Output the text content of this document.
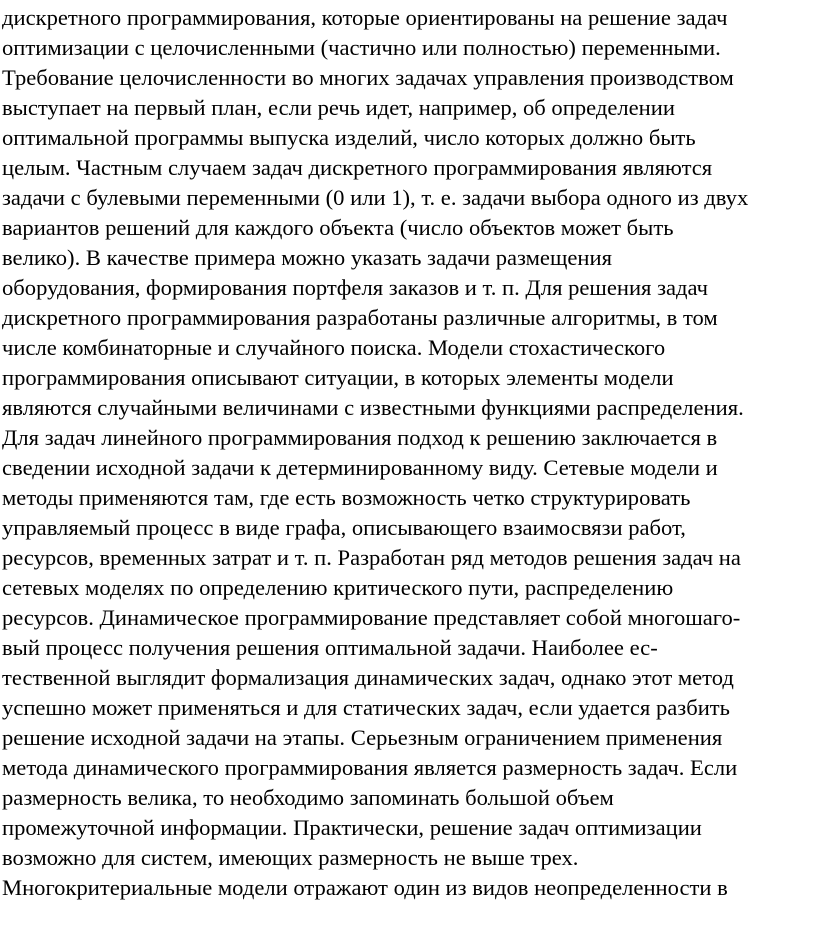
дискретного программирования, которые ориентированы на решение задач

оптимизации с целочисленными (частично или полностью) переменными.

Требование целочисленности во многих задачах управления производством

выступает на первый план, если речь идет, например, об определении

оптимальной программы выпуска изделий, число которых должно быть

целым. Частным случаем задач дискретного программирования являются

задачи с булевыми переменными (0 или 1), т. е. задачи выбора одного из двух

вариантов решений для каждого объекта (число объектов может быть

велико). В качестве примера можно указать задачи размещения

оборудования, формирования портфеля заказов и т. п. Для решения задач

дискретного программирования разработаны различные алгоритмы, в том

числе комбинаторные и случайного поиска. Модели стохастического

программирования описывают ситуации, в которых элементы модели

являются случайными величинами с известными функциями распределения.

Для задач линейного программирования подход к решению заключается в

сведении исходной задачи к детерминированному виду. Сетевые модели и

методы применяются там, где есть возможность четко структурировать

управляемый процесс в виде графа, описывающего взаимосвязи работ,

ресурсов, временных затрат и т. п. Разработан ряд методов решения задач на

сетевых моделях по определению критического пути, распределению

ресурсов. Динамическое программирование представляет собой многошаго-

вый процесс получения решения оптимальной задачи. Наиболее ес-

тественной выглядит формализация динамических задач, однако этот метод

успешно может применяться и для статических задач, если удается разбить

решение исходной задачи на этапы. Серьезным ограничением применения

метода динамического программирования является размерность задач. Если

размерность велика, то необходимо запоминать большой объем

промежуточной информации. Практически, решение задач оптимизации

возможно для систем, имеющих размерность не выше трех.

Многокритериальные модели отражают один из видов неопределенности в
